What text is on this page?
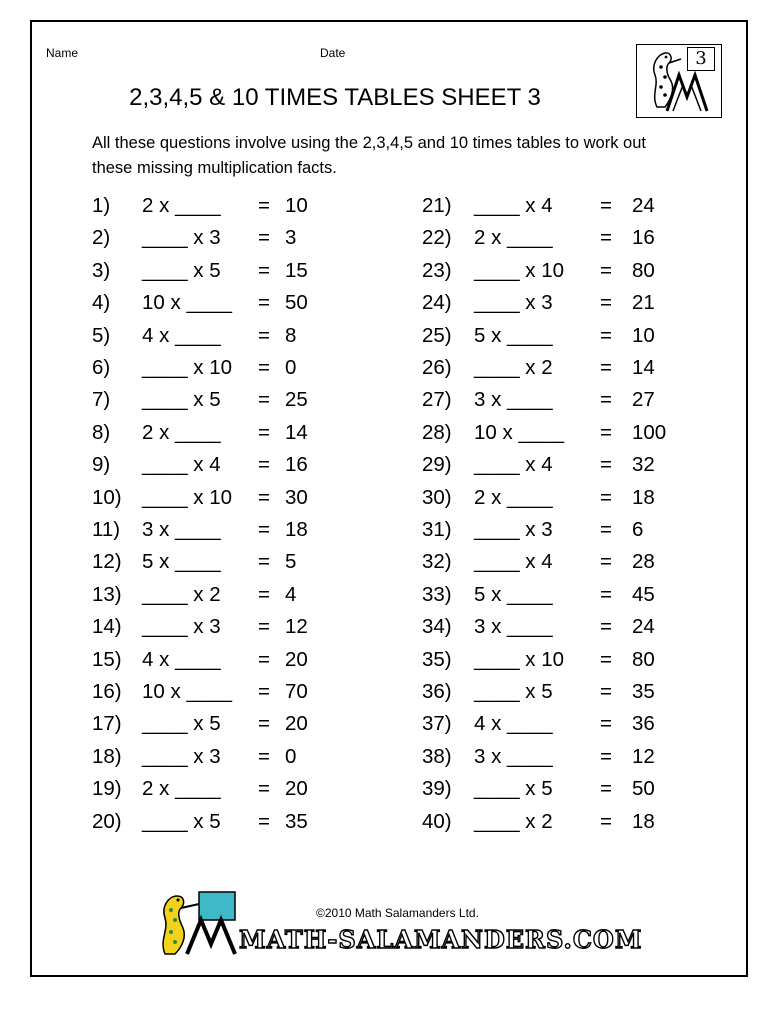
Name	Date
2,3,4,5 & 10 TIMES TABLES SHEET 3
3
All these questions involve using the 2,3,4,5 and 10 times tables to work out
these missing multiplication facts.
1) 2 x ____ = 10
2) ____ x 3 = 3
3) ____ x 5 = 15
4) 10 x ____ = 50
5) 4 x ____ = 8
6) ____ x 10 = 0
7) ____ x 5 = 25
8) 2 x ____ = 14
9) ____ x 4 = 16
10) ____ x 10 = 30
11) 3 x ____ = 18
12) 5 x ____ = 5
13) ____ x 2 = 4
14) ____ x 3 = 12
15) 4 x ____ = 20
16) 10 x ____ = 70
17) ____ x 5 = 20
18) ____ x 3 = 0
19) 2 x ____ = 20
20) ____ x 5 = 35
21) ____ x 4 = 24
22) 2 x ____ = 16
23) ____ x 10 = 80
24) ____ x 3 = 21
25) 5 x ____ = 10
26) ____ x 2 = 14
27) 3 x ____ = 27
28) 10 x ____ = 100
29) ____ x 4 = 32
30) 2 x ____ = 18
31) ____ x 3 = 6
32) ____ x 4 = 28
33) 5 x ____ = 45
34) 3 x ____ = 24
35) ____ x 10 = 80
36) ____ x 5 = 35
37) 4 x ____ = 36
38) 3 x ____ = 12
39) ____ x 5 = 50
40) ____ x 2 = 18
©2010 Math Salamanders Ltd.
MATH-SALAMANDERS.COM
